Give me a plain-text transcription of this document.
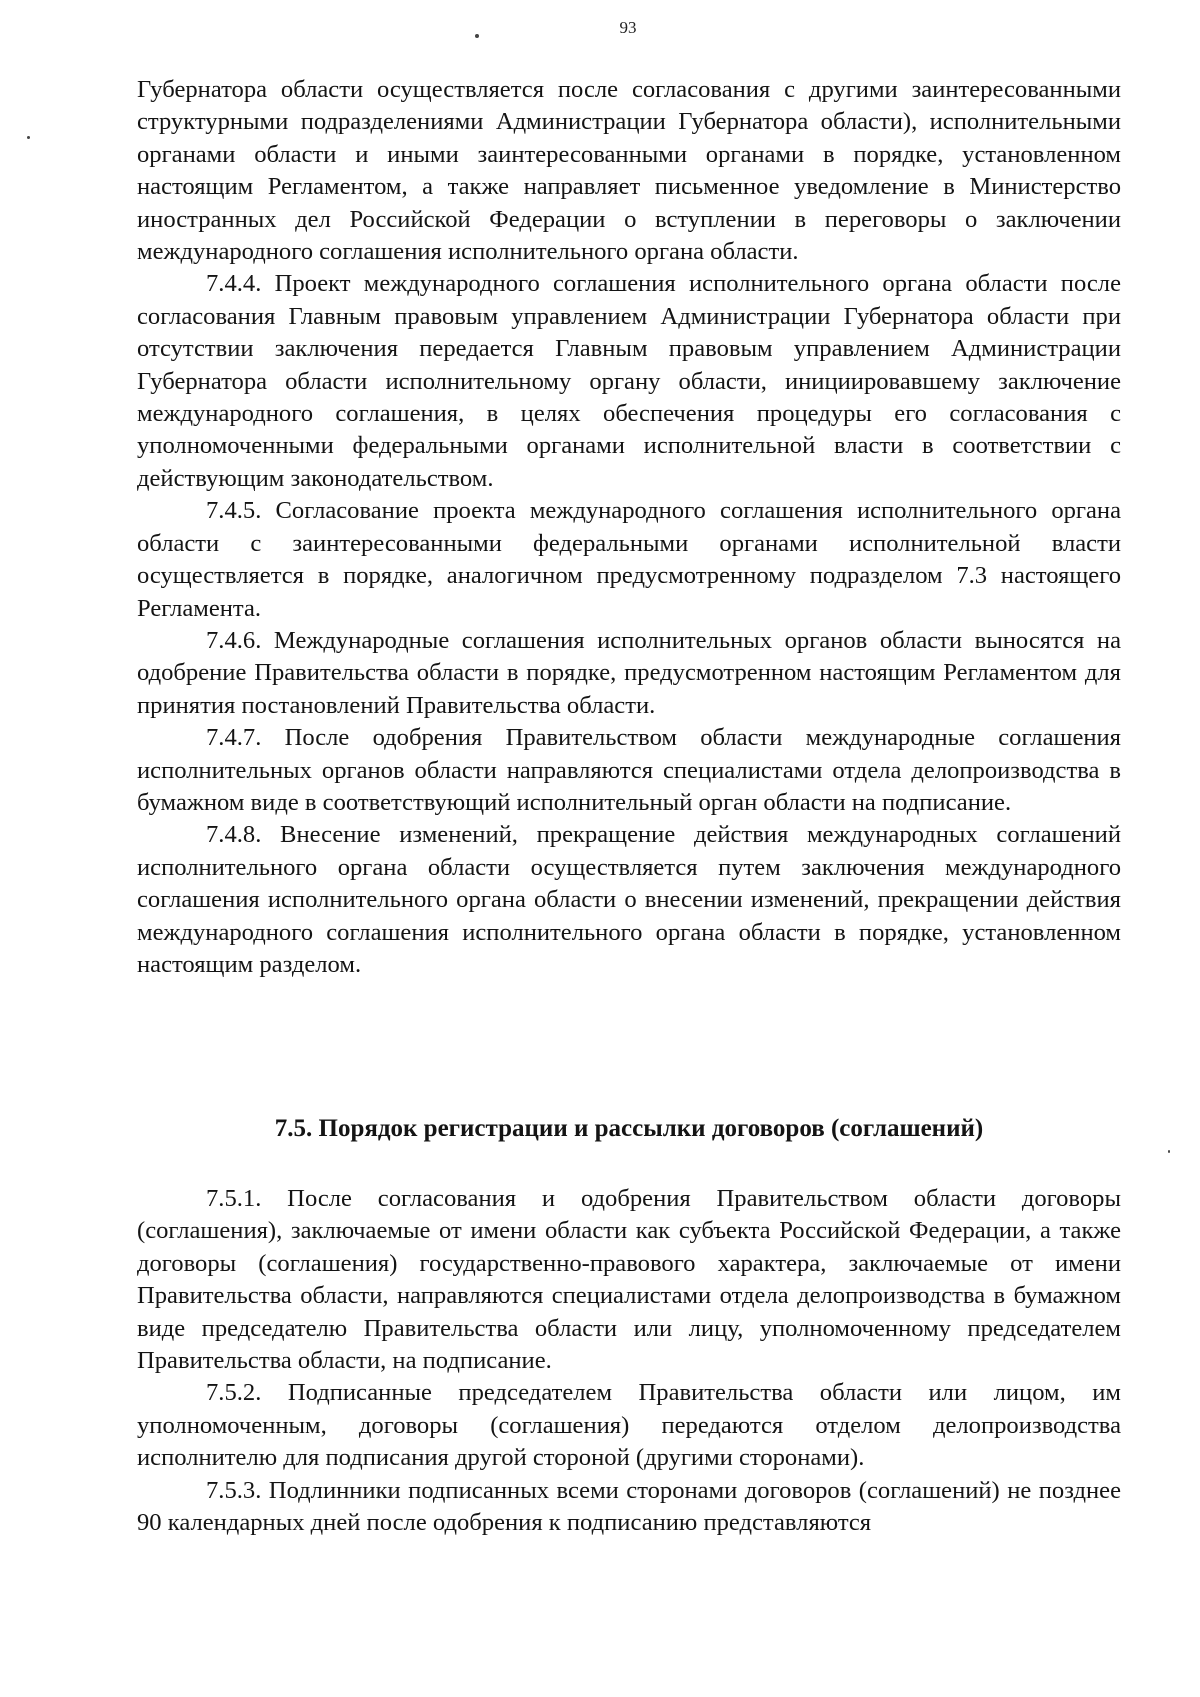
93

Губернатора области осуществляется после согласования с другими заинтересованными структурными подразделениями Администрации Губернатора области), исполнительными органами области и иными заинтересованными органами в порядке, установленном настоящим Регламентом, а также направляет письменное уведомление в Министерство иностранных дел Российской Федерации о вступлении в переговоры о заключении международного соглашения исполнительного органа области.

7.4.4. Проект международного соглашения исполнительного органа области после согласования Главным правовым управлением Администрации Губернатора области при отсутствии заключения передается Главным правовым управлением Администрации Губернатора области исполнительному органу области, инициировавшему заключение международного соглашения, в целях обеспечения процедуры его согласования с уполномоченными федеральными органами исполнительной власти в соответствии с действующим законодательством.

7.4.5. Согласование проекта международного соглашения исполнительного органа области с заинтересованными федеральными органами исполнительной власти осуществляется в порядке, аналогичном предусмотренному подразделом 7.3 настоящего Регламента.

7.4.6. Международные соглашения исполнительных органов области выносятся на одобрение Правительства области в порядке, предусмотренном настоящим Регламентом для принятия постановлений Правительства области.

7.4.7. После одобрения Правительством области международные соглашения исполнительных органов области направляются специалистами отдела делопроизводства в бумажном виде в соответствующий исполнительный орган области на подписание.

7.4.8. Внесение изменений, прекращение действия международных соглашений исполнительного органа области осуществляется путем заключения международного соглашения исполнительного органа области о внесении изменений, прекращении действия международного соглашения исполнительного органа области в порядке, установленном настоящим разделом.

7.5. Порядок регистрации и рассылки договоров (соглашений)

7.5.1. После согласования и одобрения Правительством области договоры (соглашения), заключаемые от имени области как субъекта Российской Федерации, а также договоры (соглашения) государственно-правового характера, заключаемые от имени Правительства области, направляются специалистами отдела делопроизводства в бумажном виде председателю Правительства области или лицу, уполномоченному председателем Правительства области, на подписание.

7.5.2. Подписанные председателем Правительства области или лицом, им уполномоченным, договоры (соглашения) передаются отделом делопроизводства исполнителю для подписания другой стороной (другими сторонами).

7.5.3. Подлинники подписанных всеми сторонами договоров (соглашений) не позднее 90 календарных дней после одобрения к подписанию представляются
